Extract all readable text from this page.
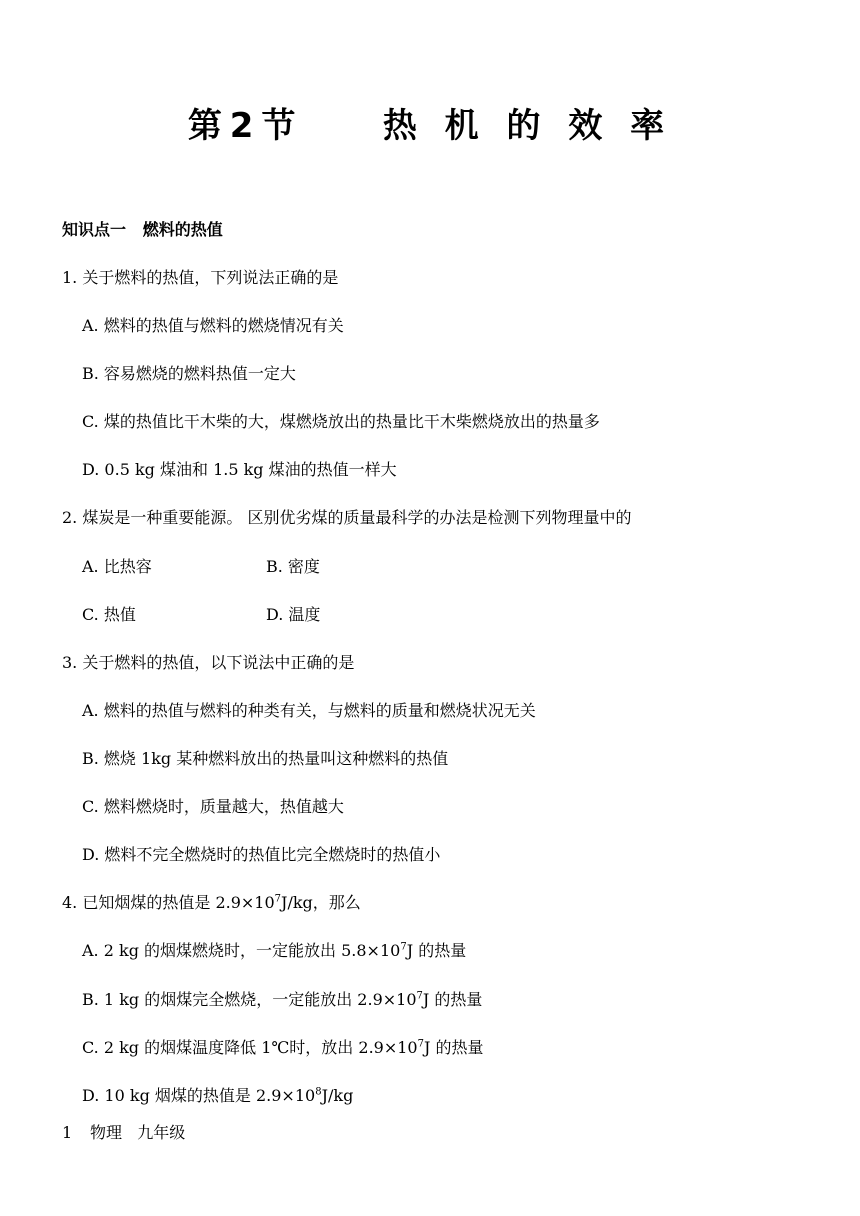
第2节    热 机 的 效 率
知识点一   燃料的热值
1. 关于燃料的热值，下列说法正确的是
A. 燃料的热值与燃料的燃烧情况有关
B. 容易燃烧的燃料热值一定大
C. 煤的热值比干木柴的大，煤燃烧放出的热量比干木柴燃烧放出的热量多
D. 0.5 kg 煤油和 1.5 kg 煤油的热值一样大
2. 煤炭是一种重要能源。 区别优劣煤的质量最科学的办法是检测下列物理量中的
A. 比热容	B. 密度
C. 热值	D. 温度
3. 关于燃料的热值，以下说法中正确的是
A. 燃料的热值与燃料的种类有关，与燃料的质量和燃烧状况无关
B. 燃烧 1kg 某种燃料放出的热量叫这种燃料的热值
C. 燃料燃烧时，质量越大，热值越大
D. 燃料不完全燃烧时的热值比完全燃烧时的热值小
4. 已知烟煤的热值是 $2.9\times 10^7J/kg$，那么
A. 2 kg 的烟煤燃烧时，一定能放出 $5.8\times 10^7J$ 的热量
B. 1 kg 的烟煤完全燃烧，一定能放出 $2.9\times 10^7J$ 的热量
C. 2 kg 的烟煤温度降低 1℃时，放出 $2.9\times 10^7J$ 的热量
D. 10 kg 烟煤的热值是 $2.9\times 10^8J/kg$
1 物理   九年级
